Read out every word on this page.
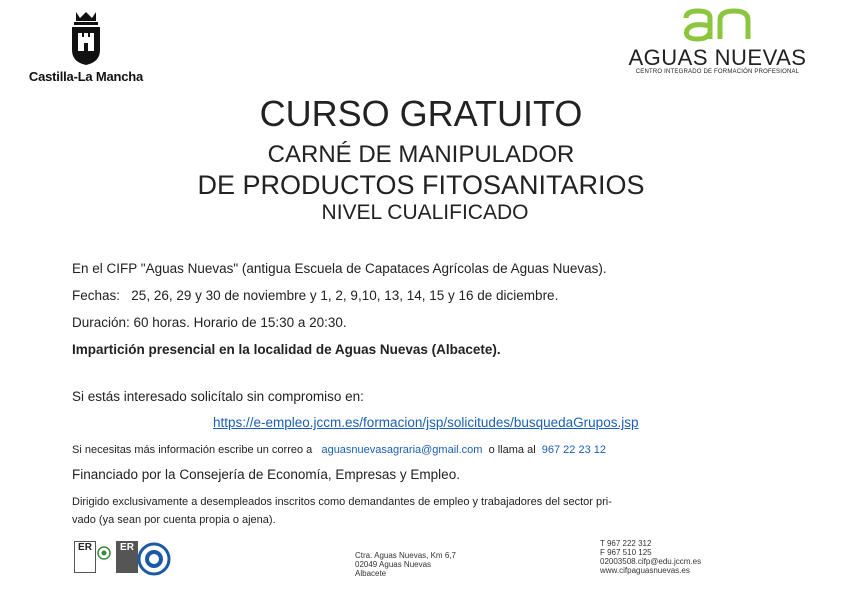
Castilla-La Mancha
an
AGUAS NUEVAS
CENTRO INTEGRADO DE FORMACIÓN PROFESIONAL
CURSO GRATUITO
CARNÉ DE MANIPULADOR
DE PRODUCTOS FITOSANITARIOS
NIVEL CUALIFICADO
En el CIFP "Aguas Nuevas" (antigua Escuela de Capataces Agrícolas de Aguas Nuevas).
Fechas: 25, 26, 29 y 30 de noviembre y 1, 2, 9,10, 13, 14, 15 y 16 de diciembre.
Duración: 60 horas. Horario de 15:30 a 20:30.
Impartición presencial en la localidad de Aguas Nuevas (Albacete).
Si estás interesado solicítalo sin compromiso en:
https://e-empleo.jccm.es/formacion/jsp/solicitudes/busquedaGrupos.jsp
Si necesitas más información escribe un correo a aguasnuevasagraria@gmail.com o llama al 967 22 23 12
Financiado por la Consejería de Economía, Empresas y Empleo.
Dirigido exclusivamente a desempleados inscritos como demandantes de empleo y trabajadores del sector pri-
vado (ya sean por cuenta propia o ajena).
ER	ER
Ctra. Aguas Nuevas, Km 6,7
02049 Aguas Nuevas
Albacete
T 967 222 312
F 967 510 125
02003508.cifp@edu.jccm.es
www.cifpaguasnuevas.es
